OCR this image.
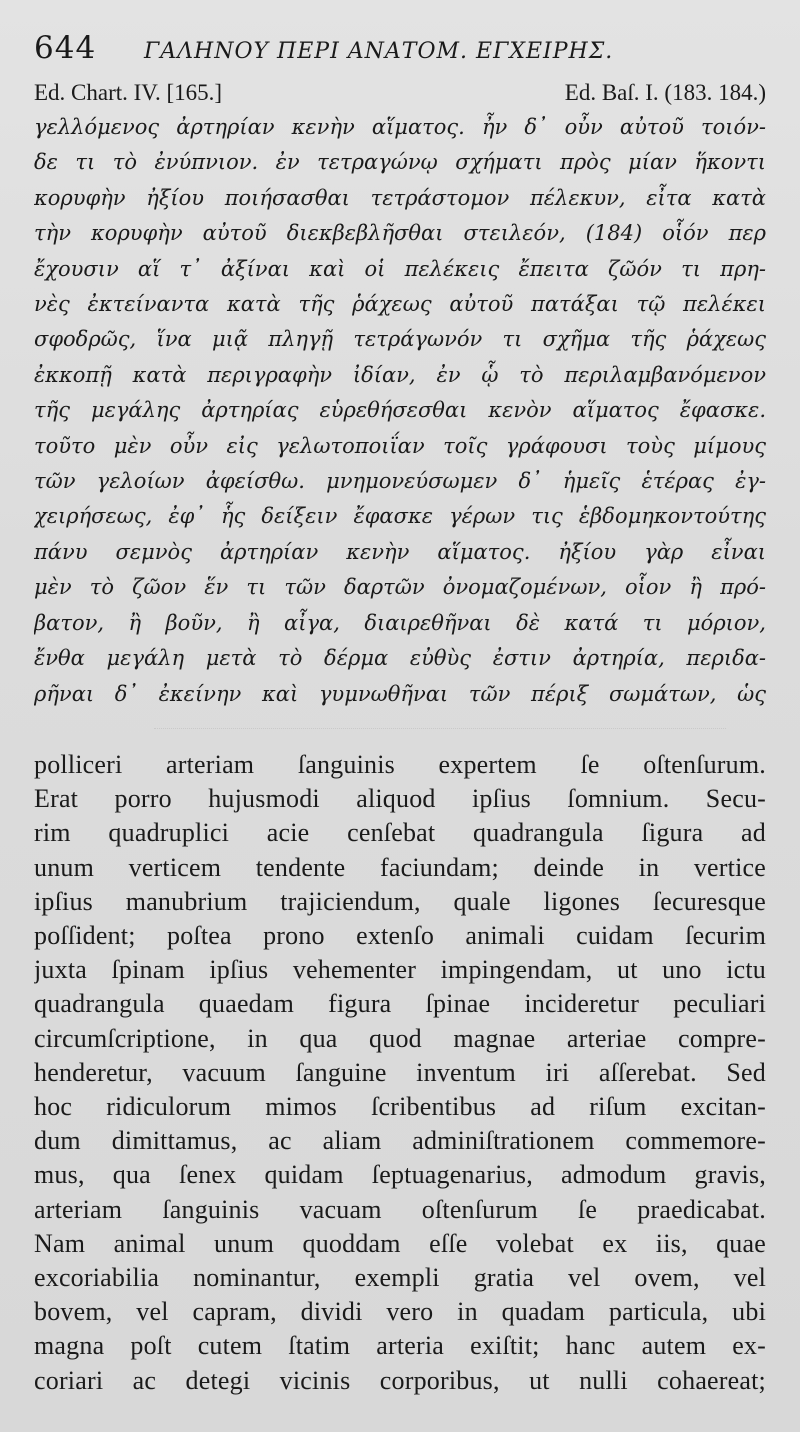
644	ΓΑΛΗΝΟΥ ΠΕΡΙ ΑΝΑΤΟΜ. ΕΓΧΕΙΡΗΣ.
Ed. Chart. IV. [165.]	Ed. Baſ. I. (183. 184.)
γελλόμενος ἀρτηρίαν κενὴν αἵματος. ἦν δ᾽ οὖν αὐτοῦ τοιόν-
δε τι τὸ ἐνύπνιον. ἐν τετραγώνῳ σχήματι πρὸς μίαν ἥκοντι
κορυφὴν ἠξίου ποιήσασθαι τετράστομον πέλεκυν, εἶτα κατὰ
τὴν κορυφὴν αὐτοῦ διεκβεβλῆσθαι στειλεόν, (184) οἷόν περ
ἔχουσιν αἵ τ᾽ ἀξίναι καὶ οἱ πελέκεις ἔπειτα ζῶόν τι πρη-
νὲς ἐκτείναντα κατὰ τῆς ῥάχεως αὐτοῦ πατάξαι τῷ πελέκει
σφοδρῶς, ἵνα μιᾷ πληγῇ τετράγωνόν τι σχῆμα τῆς ῥάχεως
ἐκκοπῇ κατὰ περιγραφὴν ἰδίαν, ἐν ᾧ τὸ περιλαμβανόμενον
τῆς μεγάλης ἀρτηρίας εὑρεθήσεσθαι κενὸν αἵματος ἔφασκε.
τοῦτο μὲν οὖν εἰς γελωτοποιΐαν τοῖς γράφουσι τοὺς μίμους
τῶν γελοίων ἀφείσθω. μνημονεύσωμεν δ᾽ ἡμεῖς ἑτέρας ἐγ-
χειρήσεως, ἐφ᾽ ἧς δείξειν ἔφασκε γέρων τις ἑβδομηκοντούτης
πάνυ σεμνὸς ἀρτηρίαν κενὴν αἵματος. ἠξίου γὰρ εἶναι
μὲν τὸ ζῶον ἕν τι τῶν δαρτῶν ὀνομαζομένων, οἷον ἢ πρό-
βατον, ἢ βοῦν, ἢ αἶγα, διαιρεθῆναι δὲ κατά τι μόριον,
ἔνθα μεγάλη μετὰ τὸ δέρμα εὐθὺς ἐστιν ἀρτηρία, περιδα-
ρῆναι δ᾽ ἐκείνην καὶ γυμνωθῆναι τῶν πέριξ σωμάτων, ὡς
polliceri arteriam ſanguinis expertem ſe oſtenſurum.
Erat porro hujusmodi aliquod ipſius ſomnium. Secu-
rim quadruplici acie cenſebat quadrangula ſigura ad
unum verticem tendente faciundam; deinde in vertice
ipſius manubrium trajiciendum, quale ligones ſecuresque
poſſident; poſtea prono extenſo animali cuidam ſecurim
juxta ſpinam ipſius vehementer impingendam, ut uno ictu
quadrangula quaedam figura ſpinae incideretur peculiari
circumſcriptione, in qua quod magnae arteriae compre-
henderetur, vacuum ſanguine inventum iri aſſerebat. Sed
hoc ridiculorum mimos ſcribentibus ad riſum excitan-
dum dimittamus, ac aliam adminiſtrationem commemore-
mus, qua ſenex quidam ſeptuagenarius, admodum gravis,
arteriam ſanguinis vacuam oſtenſurum ſe praedicabat.
Nam animal unum quoddam eſſe volebat ex iis, quae
excoriabilia nominantur, exempli gratia vel ovem, vel
bovem, vel capram, dividi vero in quadam particula, ubi
magna poſt cutem ſtatim arteria exiſtit; hanc autem ex-
coriari ac detegi vicinis corporibus, ut nulli cohaereat;
